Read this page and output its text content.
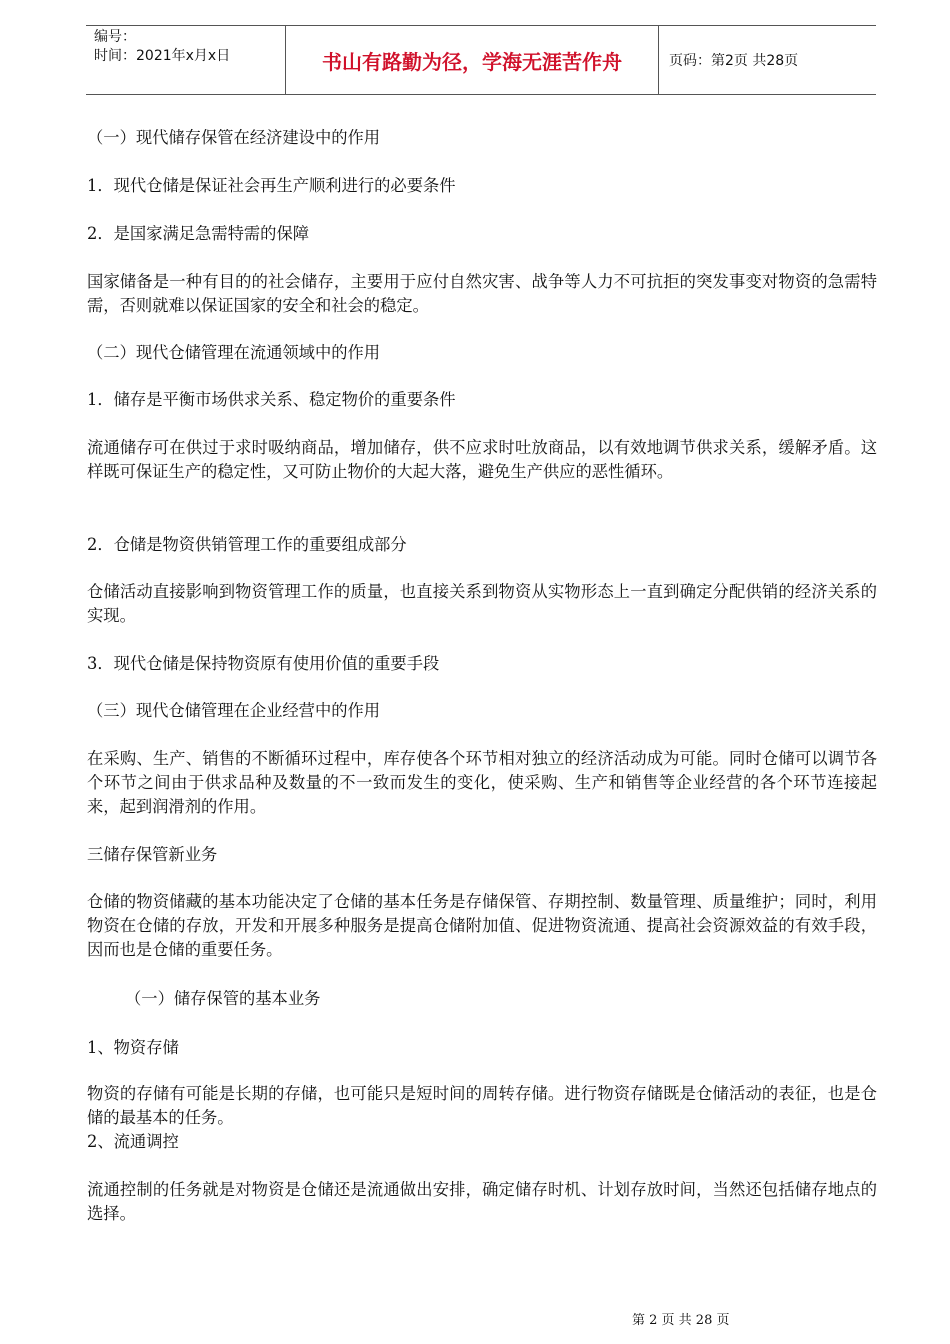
编号：
时间：2021年x月x日	书山有路勤为径，学海无涯苦作舟	页码：第2页 共28页

（一）现代储存保管在经济建设中的作用

1．现代仓储是保证社会再生产顺利进行的必要条件

2．是国家满足急需特需的保障

国家储备是一种有目的的社会储存，主要用于应付自然灾害、战争等人力不可抗拒的突发事变对物资的急需特需，否则就难以保证国家的安全和社会的稳定。

（二）现代仓储管理在流通领域中的作用

1．储存是平衡市场供求关系、稳定物价的重要条件

流通储存可在供过于求时吸纳商品，增加储存，供不应求时吐放商品，以有效地调节供求关系，缓解矛盾。这样既可保证生产的稳定性，又可防止物价的大起大落，避免生产供应的恶性循环。

2．仓储是物资供销管理工作的重要组成部分

仓储活动直接影响到物资管理工作的质量，也直接关系到物资从实物形态上一直到确定分配供销的经济关系的实现。

3．现代仓储是保持物资原有使用价值的重要手段

（三）现代仓储管理在企业经营中的作用

在采购、生产、销售的不断循环过程中，库存使各个环节相对独立的经济活动成为可能。同时仓储可以调节各个环节之间由于供求品种及数量的不一致而发生的变化，使采购、生产和销售等企业经营的各个环节连接起来，起到润滑剂的作用。

三储存保管新业务

仓储的物资储藏的基本功能决定了仓储的基本任务是存储保管、存期控制、数量管理、质量维护；同时，利用物资在仓储的存放，开发和开展多种服务是提高仓储附加值、促进物资流通、提高社会资源效益的有效手段，因而也是仓储的重要任务。

（一）储存保管的基本业务

1、物资存储

物资的存储有可能是长期的存储，也可能只是短时间的周转存储。进行物资存储既是仓储活动的表征，也是仓储的最基本的任务。

2、流通调控

流通控制的任务就是对物资是仓储还是流通做出安排，确定储存时机、计划存放时间，当然还包括储存地点的选择。

第 2 页 共 28 页
